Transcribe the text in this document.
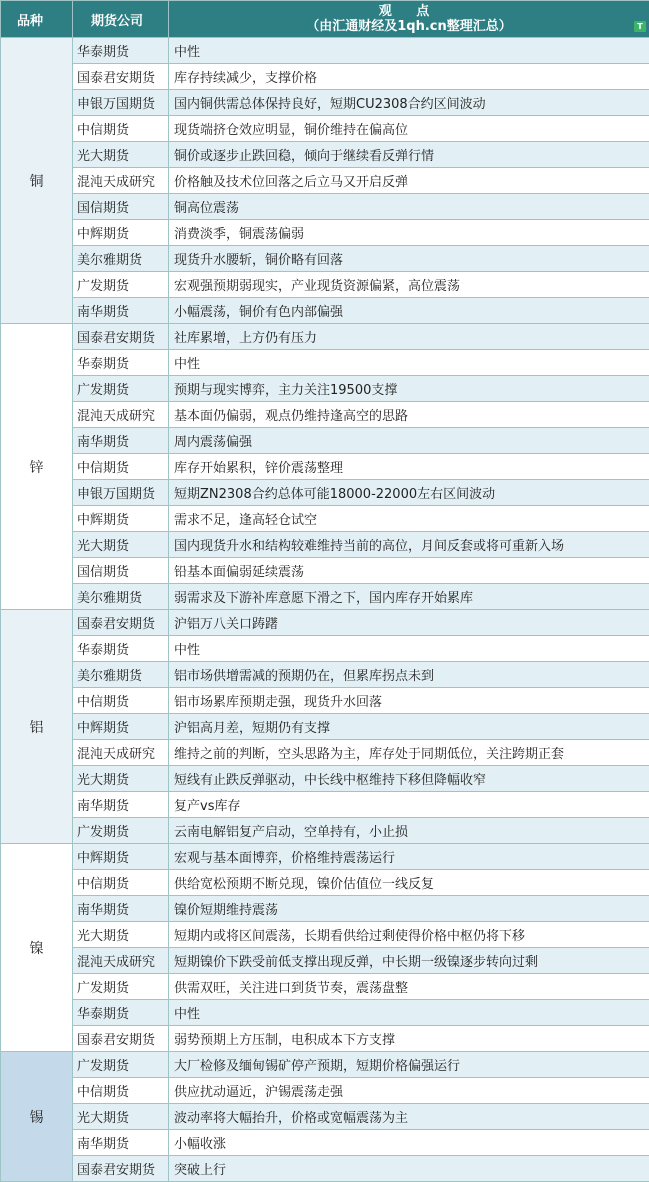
品种	期货公司	观 点
（由汇通财经及1qh.cn整理汇总） T

铜	华泰期货	中性
	国泰君安期货	库存持续减少，支撑价格
	申银万国期货	国内铜供需总体保持良好，短期CU2308合约区间波动
	中信期货	现货端挤仓效应明显，铜价维持在偏高位
	光大期货	铜价或逐步止跌回稳，倾向于继续看反弹行情
	混沌天成研究	价格触及技术位回落之后立马又开启反弹
	国信期货	铜高位震荡
	中辉期货	消费淡季，铜震荡偏弱
	美尔雅期货	现货升水腰斩，铜价略有回落
	广发期货	宏观强预期弱现实，产业现货资源偏紧，高位震荡
	南华期货	小幅震荡，铜价有色内部偏强
锌	国泰君安期货	社库累增，上方仍有压力
	华泰期货	中性
	广发期货	预期与现实博弈，主力关注19500支撑
	混沌天成研究	基本面仍偏弱，观点仍维持逢高空的思路
	南华期货	周内震荡偏强
	中信期货	库存开始累积，锌价震荡整理
	申银万国期货	短期ZN2308合约总体可能18000-22000左右区间波动
	中辉期货	需求不足，逢高轻仓试空
	光大期货	国内现货升水和结构较难维持当前的高位，月间反套或将可重新入场
	国信期货	铅基本面偏弱延续震荡
	美尔雅期货	弱需求及下游补库意愿下滑之下，国内库存开始累库
铝	国泰君安期货	沪铝万八关口踌躇
	华泰期货	中性
	美尔雅期货	铝市场供增需减的预期仍在，但累库拐点未到
	中信期货	铝市场累库预期走强，现货升水回落
	中辉期货	沪铝高月差，短期仍有支撑
	混沌天成研究	维持之前的判断，空头思路为主，库存处于同期低位，关注跨期正套
	光大期货	短线有止跌反弹驱动，中长线中枢维持下移但降幅收窄
	南华期货	复产vs库存
	广发期货	云南电解铝复产启动，空单持有，小止损
镍	中辉期货	宏观与基本面博弈，价格维持震荡运行
	中信期货	供给宽松预期不断兑现，镍价估值位一线反复
	南华期货	镍价短期维持震荡
	光大期货	短期内或将区间震荡，长期看供给过剩使得价格中枢仍将下移
	混沌天成研究	短期镍价下跌受前低支撑出现反弹，中长期一级镍逐步转向过剩
	广发期货	供需双旺，关注进口到货节奏，震荡盘整
	华泰期货	中性
	国泰君安期货	弱势预期上方压制，电积成本下方支撑
锡	广发期货	大厂检修及缅甸锡矿停产预期，短期价格偏强运行
	中信期货	供应扰动逼近，沪锡震荡走强
	光大期货	波动率将大幅抬升，价格或宽幅震荡为主
	南华期货	小幅收涨
	国泰君安期货	突破上行
